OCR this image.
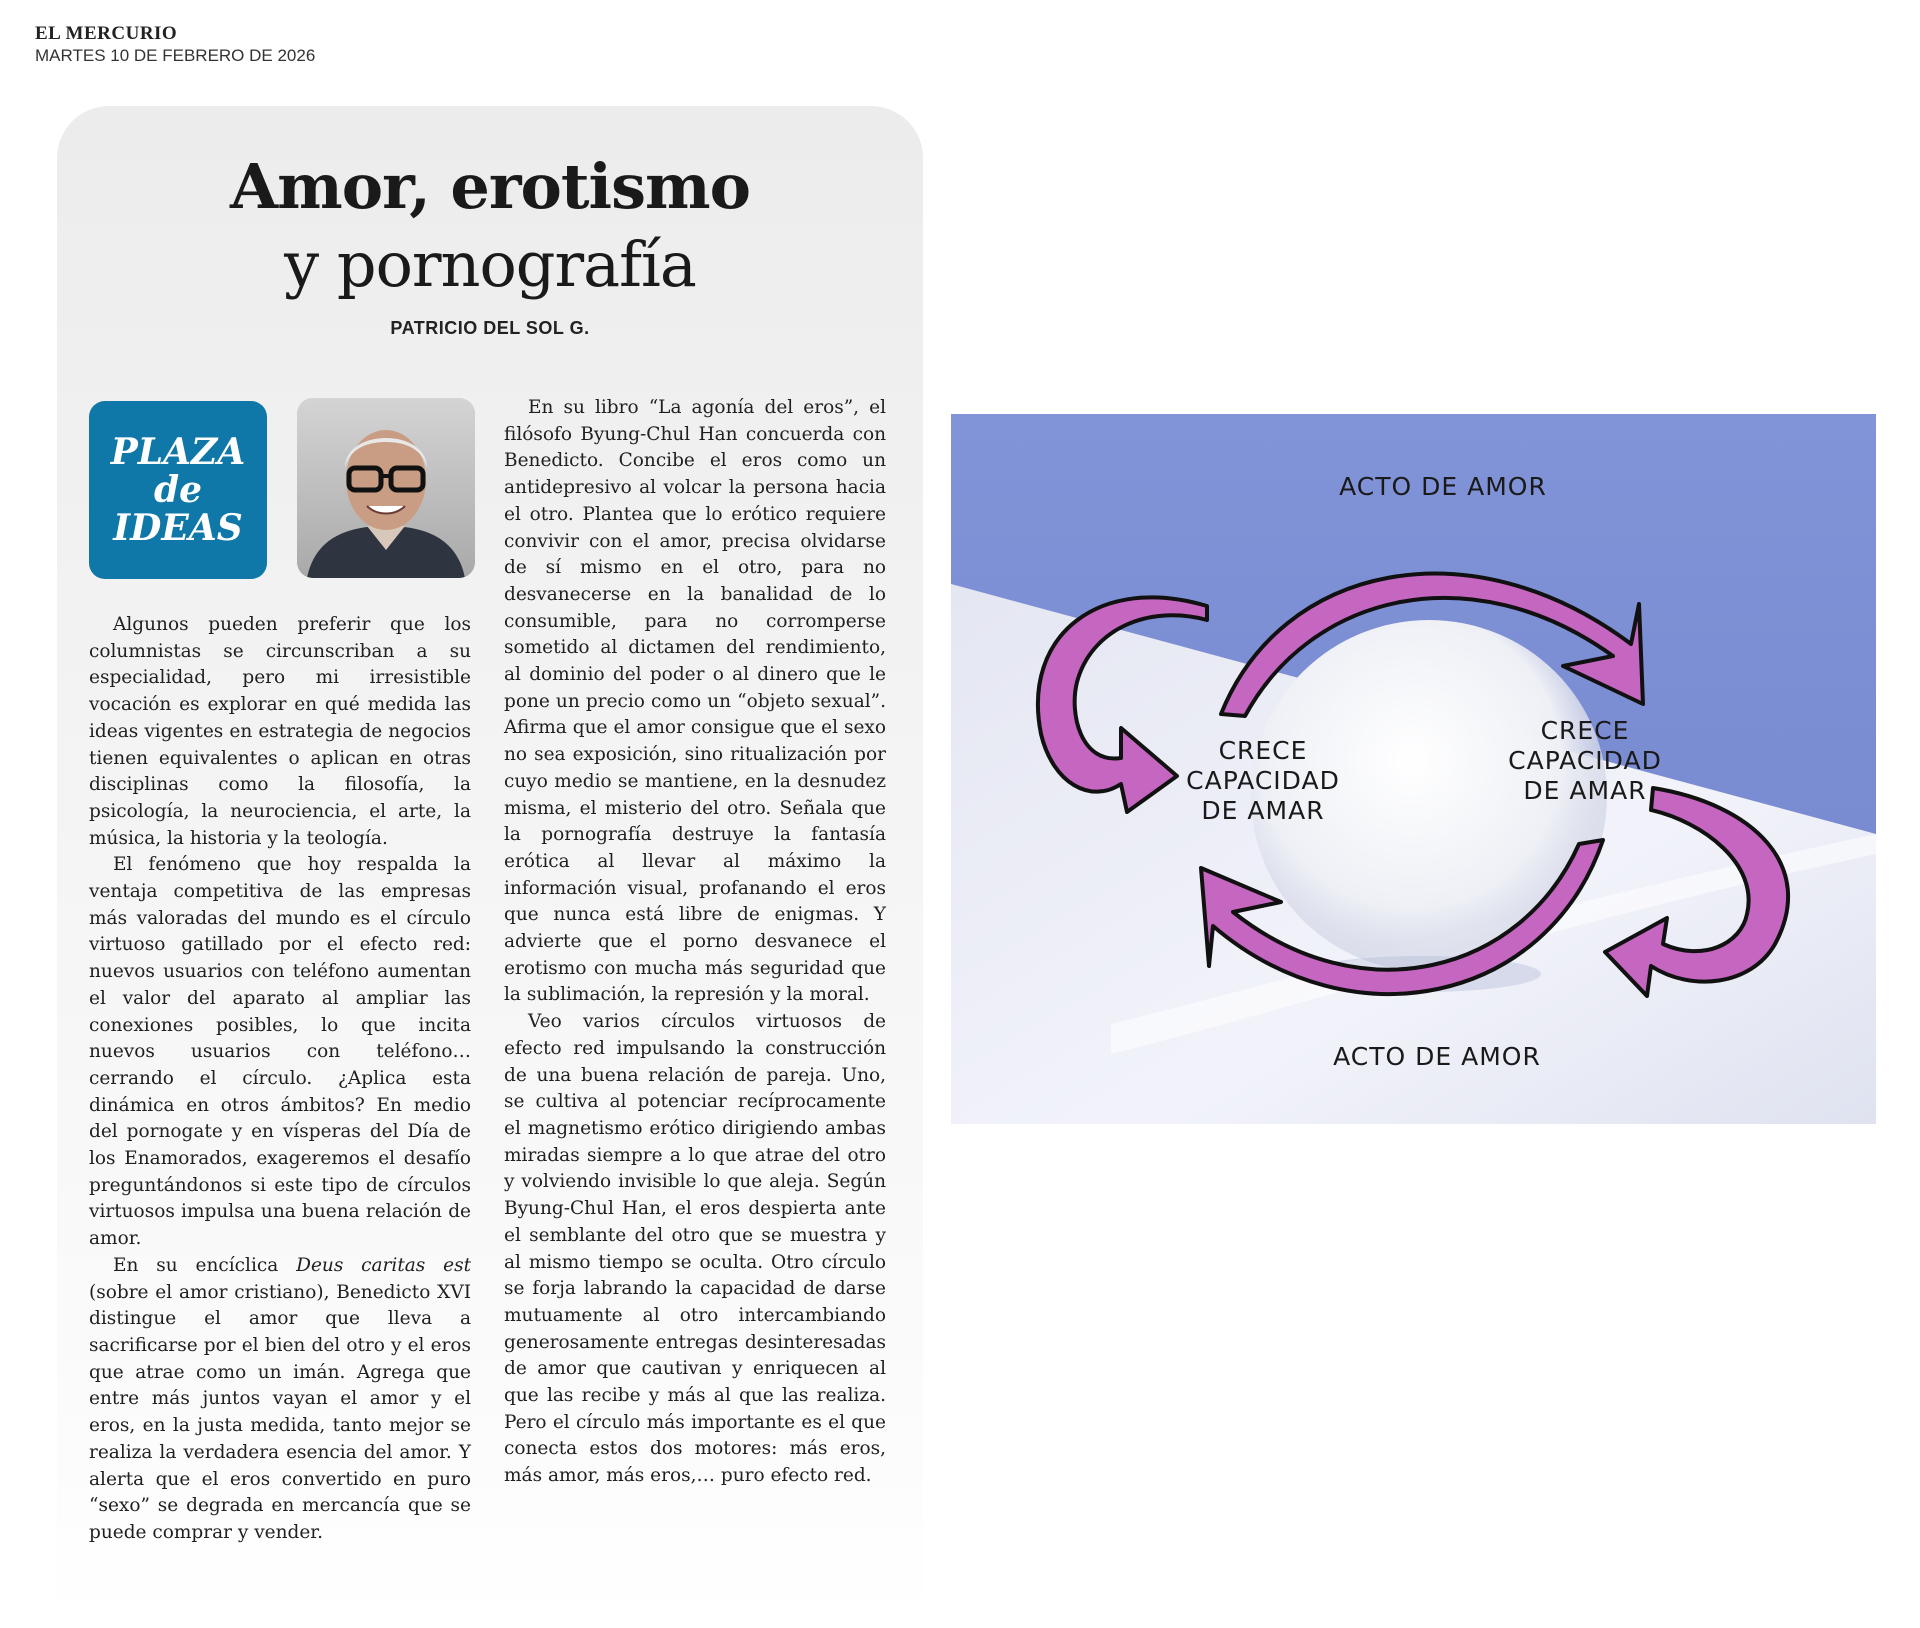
EL MERCURIO
MARTES 10 DE FEBRERO DE 2026
Amor, erotismo
y pornografía
PATRICIO DEL SOL G.
PLAZA
de
IDEAS

Algunos pueden preferir que los columnistas se circunscriban a su especialidad, pero mi irresistible vocación es explorar en qué medida las ideas vigentes en estrategia de negocios tienen equivalentes o aplican en otras disciplinas como la filosofía, la psicología, la neurociencia, el arte, la música, la historia y la teología.

El fenómeno que hoy respalda la ventaja competitiva de las empresas más valoradas del mundo es el círculo virtuoso gatillado por el efecto red: nuevos usuarios con teléfono aumentan el valor del aparato al ampliar las conexiones posibles, lo que incita nuevos usuarios con teléfono… cerrando el círculo. ¿Aplica esta dinámica en otros ámbitos? En medio del pornogate y en vísperas del Día de los Enamorados, exageremos el desafío preguntándonos si este tipo de círculos virtuosos impulsa una buena relación de amor.

En su encíclica Deus caritas est (sobre el amor cristiano), Benedicto XVI distingue el amor que lleva a sacrificarse por el bien del otro y el eros que atrae como un imán. Agrega que entre más juntos vayan el amor y el eros, en la justa medida, tanto mejor se realiza la verdadera esencia del amor. Y alerta que el eros convertido en puro “sexo” se degrada en mercancía que se puede comprar y vender.

En su libro “La agonía del eros”, el filósofo Byung-Chul Han concuerda con Benedicto. Concibe el eros como un antidepresivo al volcar la persona hacia el otro. Plantea que lo erótico requiere convivir con el amor, precisa olvidarse de sí mismo en el otro, para no desvanecerse en la banalidad de lo consumible, para no corromperse sometido al dictamen del rendimiento, al dominio del poder o al dinero que le pone un precio como un “objeto sexual”. Afirma que el amor consigue que el sexo no sea exposición, sino ritualización por cuyo medio se mantiene, en la desnudez misma, el misterio del otro. Señala que la pornografía destruye la fantasía erótica al llevar al máximo la información visual, profanando el eros que nunca está libre de enigmas. Y advierte que el porno desvanece el erotismo con mucha más seguridad que la sublimación, la represión y la moral.

Veo varios círculos virtuosos de efecto red impulsando la construcción de una buena relación de pareja. Uno, se cultiva al potenciar recíprocamente el magnetismo erótico dirigiendo ambas miradas siempre a lo que atrae del otro y volviendo invisible lo que aleja. Según Byung-Chul Han, el eros despierta ante el semblante del otro que se muestra y al mismo tiempo se oculta. Otro círculo se forja labrando la capacidad de darse mutuamente al otro intercambiando generosamente entregas desinteresadas de amor que cautivan y enriquecen al que las recibe y más al que las realiza. Pero el círculo más importante es el que conecta estos dos motores: más eros, más amor, más eros,… puro efecto red.

ACTO DE AMOR
ACTO DE AMOR
CRECE
CAPACIDAD
DE AMAR
CRECE
CAPACIDAD
DE AMAR
